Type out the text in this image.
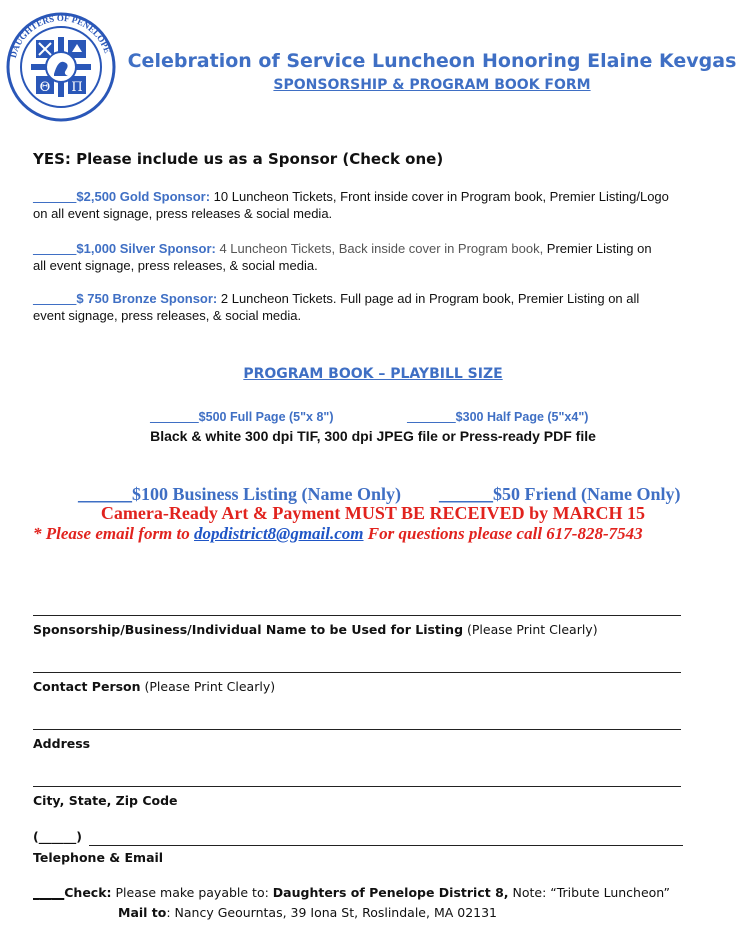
DAUGHTERS OF PENELOPE
Θ Π
Celebration of Service Luncheon Honoring Elaine Kevgas
SPONSORSHIP & PROGRAM BOOK FORM
YES: Please include us as a Sponsor (Check one)
______$2,500 Gold Sponsor: 10 Luncheon Tickets, Front inside cover in Program book, Premier Listing/Logo
on all event signage, press releases & social media.
______$1,000 Silver Sponsor: 4 Luncheon Tickets, Back inside cover in Program book, Premier Listing on
all event signage, press releases, & social media.
______$ 750 Bronze Sponsor: 2 Luncheon Tickets. Full page ad in Program book, Premier Listing on all
event signage, press releases, & social media.
PROGRAM BOOK – PLAYBILL SIZE
_______$500 Full Page (5"x 8")	_______$300 Half Page (5"x4")
Black & white 300 dpi TIF, 300 dpi JPEG file or Press-ready PDF file
______$100 Business Listing (Name Only) ______$50 Friend (Name Only)
Camera-Ready Art & Payment MUST BE RECEIVED by MARCH 15
* Please email form to dopdistrict8@gmail.com For questions please call 617-828-7543
Sponsorship/Business/Individual Name to be Used for Listing (Please Print Clearly)
Contact Person (Please Print Clearly)
Address
City, State, Zip Code
(______)
Telephone & Email
_____Check: Please make payable to: Daughters of Penelope District 8, Note: “Tribute Luncheon”
Mail to: Nancy Geourntas, 39 Iona St, Roslindale, MA 02131
